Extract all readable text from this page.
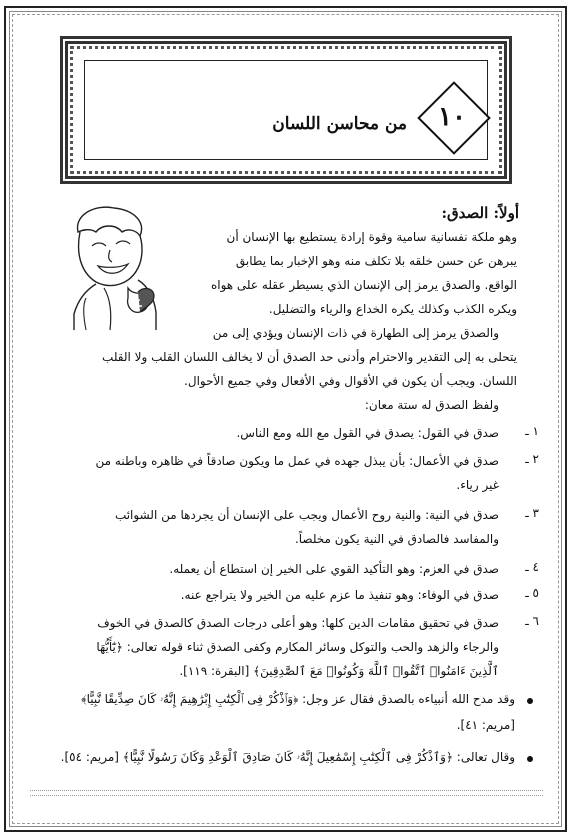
١٠
من محاسن اللسان
أولاً: الصدق:
وهو ملكة نفسانية سامية وقوة إرادة يستطيع بها الإنسان أن
يبرهن عن حسن خلقه بلا تكلف منه وهو الإخبار بما يطابق
الواقع. والصدق يرمز إلى الإنسان الذي يسيطر عقله على هواه
ويكره الكذب وكذلك يكره الخداع والرياء والتضليل.
والصدق يرمز إلى الطهارة في ذات الإنسان ويؤدي إلى من
يتحلى به إلى التقدير والاحترام وأدنى حد الصدق أن لا يخالف اللسان القلب ولا القلب
اللسان. ويجب أن يكون في الأقوال وفي الأفعال وفي جميع الأحوال.
ولفظ الصدق له ستة معان:
١ ـ
صدق في القول: يصدق في القول مع الله ومع الناس.
٢ ـ
صدق في الأعمال: بأن يبذل جهده في عمل ما ويكون صادقاً في ظاهره وباطنه من
غير رياء.
٣ ـ
صدق في النية: والنية روح الأعمال ويجب على الإنسان أن يجردها من الشوائب
والمفاسد فالصادق في النية يكون مخلصاً.
٤ ـ
صدق في العزم: وهو التأكيد القوي على الخير إن استطاع أن يعمله.
٥ ـ
صدق في الوفاء: وهو تنفيذ ما عزم عليه من الخير ولا يتراجع عنه.
٦ ـ
صدق في تحقيق مقامات الدين كلها: وهو أعلى درجات الصدق كالصدق في الخوف
والرجاء والزهد والحب والتوكل وسائر المكارم وكفى الصدق ثناء قوله تعالى: ﴿يَٰٓأَيُّهَا
ٱلَّذِينَ ءَامَنُوا۟ ٱتَّقُوا۟ ٱللَّهَ وَكُونُوا۟ مَعَ ٱلصَّٰدِقِينَ﴾ [البقرة: ١١٩].
وقد مدح الله أنبياءه بالصدق فقال عز وجل: ﴿وَٱذْكُرْ فِى ٱلْكِتَٰبِ إِبْرَٰهِيمَ إِنَّهُۥ كَانَ صِدِّيقًا نَّبِيًّا﴾
[مريم: ٤١].
وقال تعالى: ﴿وَٱذْكُرْ فِى ٱلْكِتَٰبِ إِسْمَٰعِيلَ إِنَّهُۥ كَانَ صَادِقَ ٱلْوَعْدِ وَكَانَ رَسُولًا نَّبِيًّا﴾ [مريم: ٥٤].
